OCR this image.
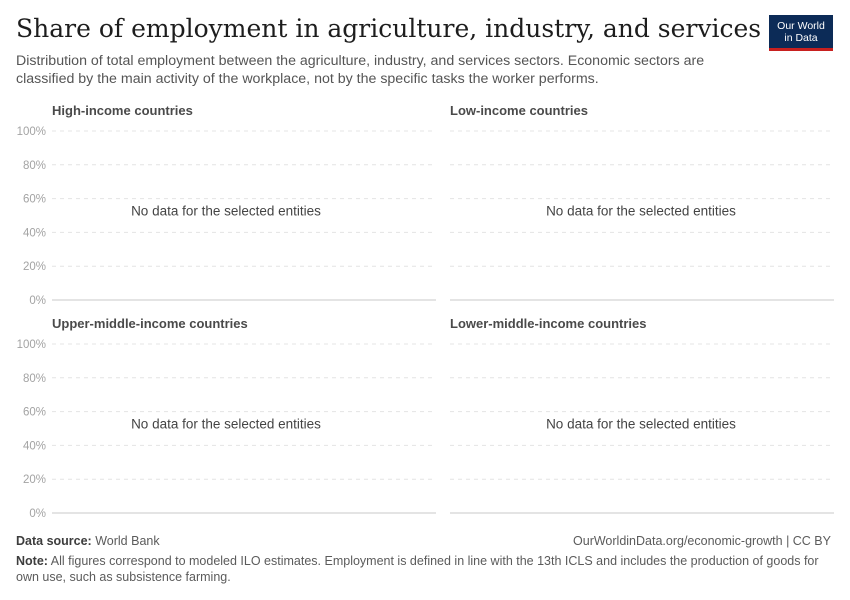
Share of employment in agriculture, industry, and services
Distribution of total employment between the agriculture, industry, and services sectors. Economic sectors are classified by the main activity of the workplace, not by the specific tasks the worker performs.
Our World
in Data
High-income countries
100%
80%
60%
40%
20%
0%
No data for the selected entities
Low-income countries
No data for the selected entities
Upper-middle-income countries
100%
80%
60%
40%
20%
0%
No data for the selected entities
Lower-middle-income countries
No data for the selected entities
Data source: World Bank	OurWorldinData.org/economic-growth | CC BY
Note: All figures correspond to modeled ILO estimates. Employment is defined in line with the 13th ICLS and includes the production of goods for own use, such as subsistence farming.
